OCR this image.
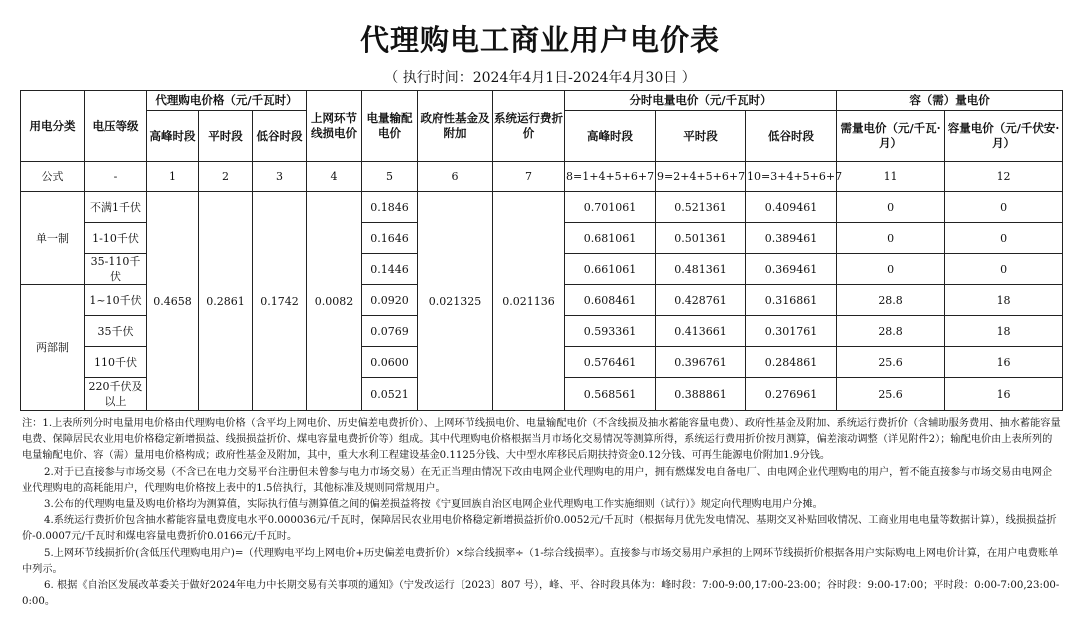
代理购电工商业用户电价表
（ 执行时间：2024年4月1日-2024年4月30日 ）
用电分类	电压等级	代理购电价格（元/千瓦时）			上网环节线损电价	电量输配电价	政府性基金及附加	系统运行费折价	分时电量电价（元/千瓦时）			容（需）量电价	
		高峰时段	平时段	低谷时段					高峰时段	平时段	低谷时段	需量电价（元/千瓦·月）	容量电价（元/千伏安·月）
公式	-	1	2	3	4	5	6	7	8=1+4+5+6+7	9=2+4+5+6+7	10=3+4+5+6+7	11	12
单一制	不满1千伏	0.4658	0.2861	0.1742	0.0082	0.1846	0.021325	0.021136	0.701061	0.521361	0.409461	0	0
	1-10千伏					0.1646			0.681061	0.501361	0.389461	0	0
	35-110千伏					0.1446			0.661061	0.481361	0.369461	0	0
两部制	1~10千伏					0.0920			0.608461	0.428761	0.316861	28.8	18
	35千伏					0.0769			0.593361	0.413661	0.301761	28.8	18
	110千伏					0.0600			0.576461	0.396761	0.284861	25.6	16
	220千伏及以上					0.0521			0.568561	0.388861	0.276961	25.6	16

注：1.上表所列分时电量用电价格由代理购电价格（含平均上网电价、历史偏差电费折价）、上网环节线损电价、电量输配电价（不含线损及抽水蓄能容量电费）、政府性基金及附加、系统运行费折价（含辅助服务费用、抽水蓄能容量电费、保障居民农业用电价格稳定新增损益、线损损益折价、煤电容量电费折价等）组成。其中代理购电价格根据当月市场化交易情况等测算所得，系统运行费用折价按月测算，偏差滚动调整（详见附件2）；输配电价由上表所列的电量输配电价、容（需）量用电价格构成；政府性基金及附加，其中，重大水利工程建设基金0.1125分钱、大中型水库移民后期扶持资金0.12分钱、可再生能源电价附加1.9分钱。

2.对于已直接参与市场交易（不含已在电力交易平台注册但未曾参与电力市场交易）在无正当理由情况下改由电网企业代理购电的用户，拥有燃煤发电自备电厂、由电网企业代理购电的用户，暂不能直接参与市场交易由电网企业代理购电的高耗能用户，代理购电价格按上表中的1.5倍执行，其他标准及规则同常规用户。

3.公布的代理购电量及购电价格均为测算值，实际执行值与测算值之间的偏差损益将按《宁夏回族自治区电网企业代理购电工作实施细则（试行）》规定向代理购电用户分摊。

4.系统运行费折价包含抽水蓄能容量电费度电水平0.000036元/千瓦时，保障居民农业用电价格稳定新增损益折价0.0052元/千瓦时（根据每月优先发电情况、基期交叉补贴回收情况、工商业用电电量等数据计算），线损损益折价-0.0007元/千瓦时和煤电容量电费折价0.0166元/千瓦时。

5.上网环节线损折价(含低压代理购电用户)=（代理购电平均上网电价+历史偏差电费折价）×综合线损率÷（1-综合线损率）。直接参与市场交易用户承担的上网环节线损折价根据各用户实际购电上网电价计算，在用户电费账单中列示。

6. 根据《自治区发展改革委关于做好2024年电力中长期交易有关事项的通知》（宁发改运行〔2023〕807 号），峰、平、谷时段具体为：峰时段：7:00-9:00,17:00-23:00；谷时段：9:00-17:00；平时段：0:00-7:00,23:00-0:00。
